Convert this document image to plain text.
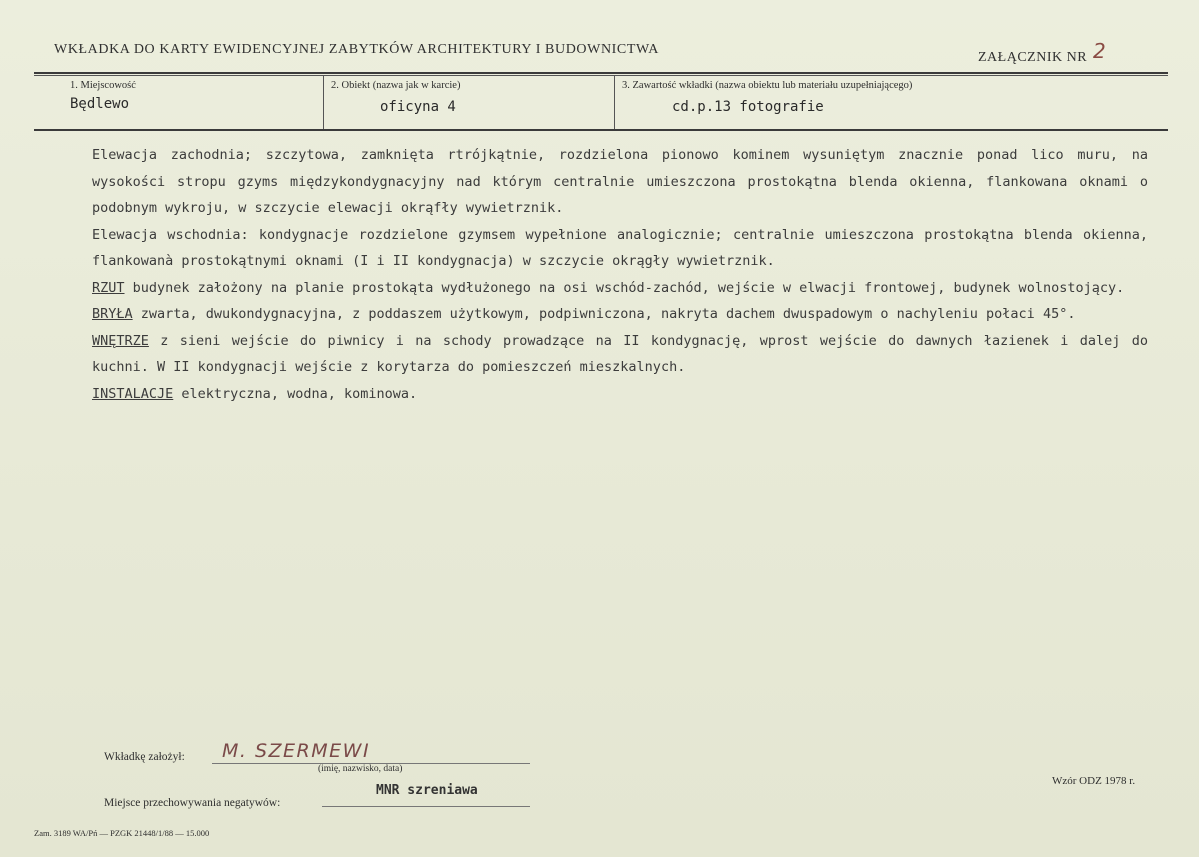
WKŁADKA DO KARTY EWIDENCYJNEJ ZABYTKÓW ARCHITEKTURY I BUDOWNICTWA
ZAŁĄCZNIK NR 2
1. Miejscowość
Będlewo
2. Obiekt (nazwa jak w karcie)
oficyna 4
3. Zawartość wkładki (nazwa obiektu lub materiału uzupełniającego)
cd.p.13 fotografie

Elewacja zachodnia; szczytowa, zamknięta rtrójkątnie, rozdzielona pionowo kominem wysuniętym znacznie ponad lico muru, na wysokości stropu gzyms międzykondygnacyjny nad którym centralnie umieszczona prostokątna blenda okienna, flankowana oknami o podobnym wykroju, w szczycie elewacji okrąfły wywietrznik.

Elewacja wschodnia: kondygnacje rozdzielone gzymsem wypełnione analogicznie; centralnie umieszczona prostokątna blenda okienna, flankowanà prostokątnymi oknami (I i II kondygnacja) w szczycie okrągły wywietrznik.

RZUT budynek założony na planie prostokąta wydłużonego na osi wschód-zachód, wejście w elwacji frontowej, budynek wolnostojący.

BRYŁA zwarta, dwukondygnacyjna, z poddaszem użytkowym, podpiwniczona, nakryta dachem dwuspadowym o nachyleniu połaci 45°.

WNĘTRZE z sieni wejście do piwnicy i na schody prowadzące na II kondygnację, wprost wejście do dawnych łazienek i dalej do kuchni. W II kondygnacji wejście z korytarza do pomieszczeń mieszkalnych.

INSTALACJE elektryczna, wodna, kominowa.

Wkładkę założył: M. SZERMEWI
(imię, nazwisko, data)
Miejsce przechowywania negatywów:
MNR szreniawa
Wzór ODZ 1978 r.
Zam. 3189 WA/Pń — PZGK 21448/1/88 — 15.000
